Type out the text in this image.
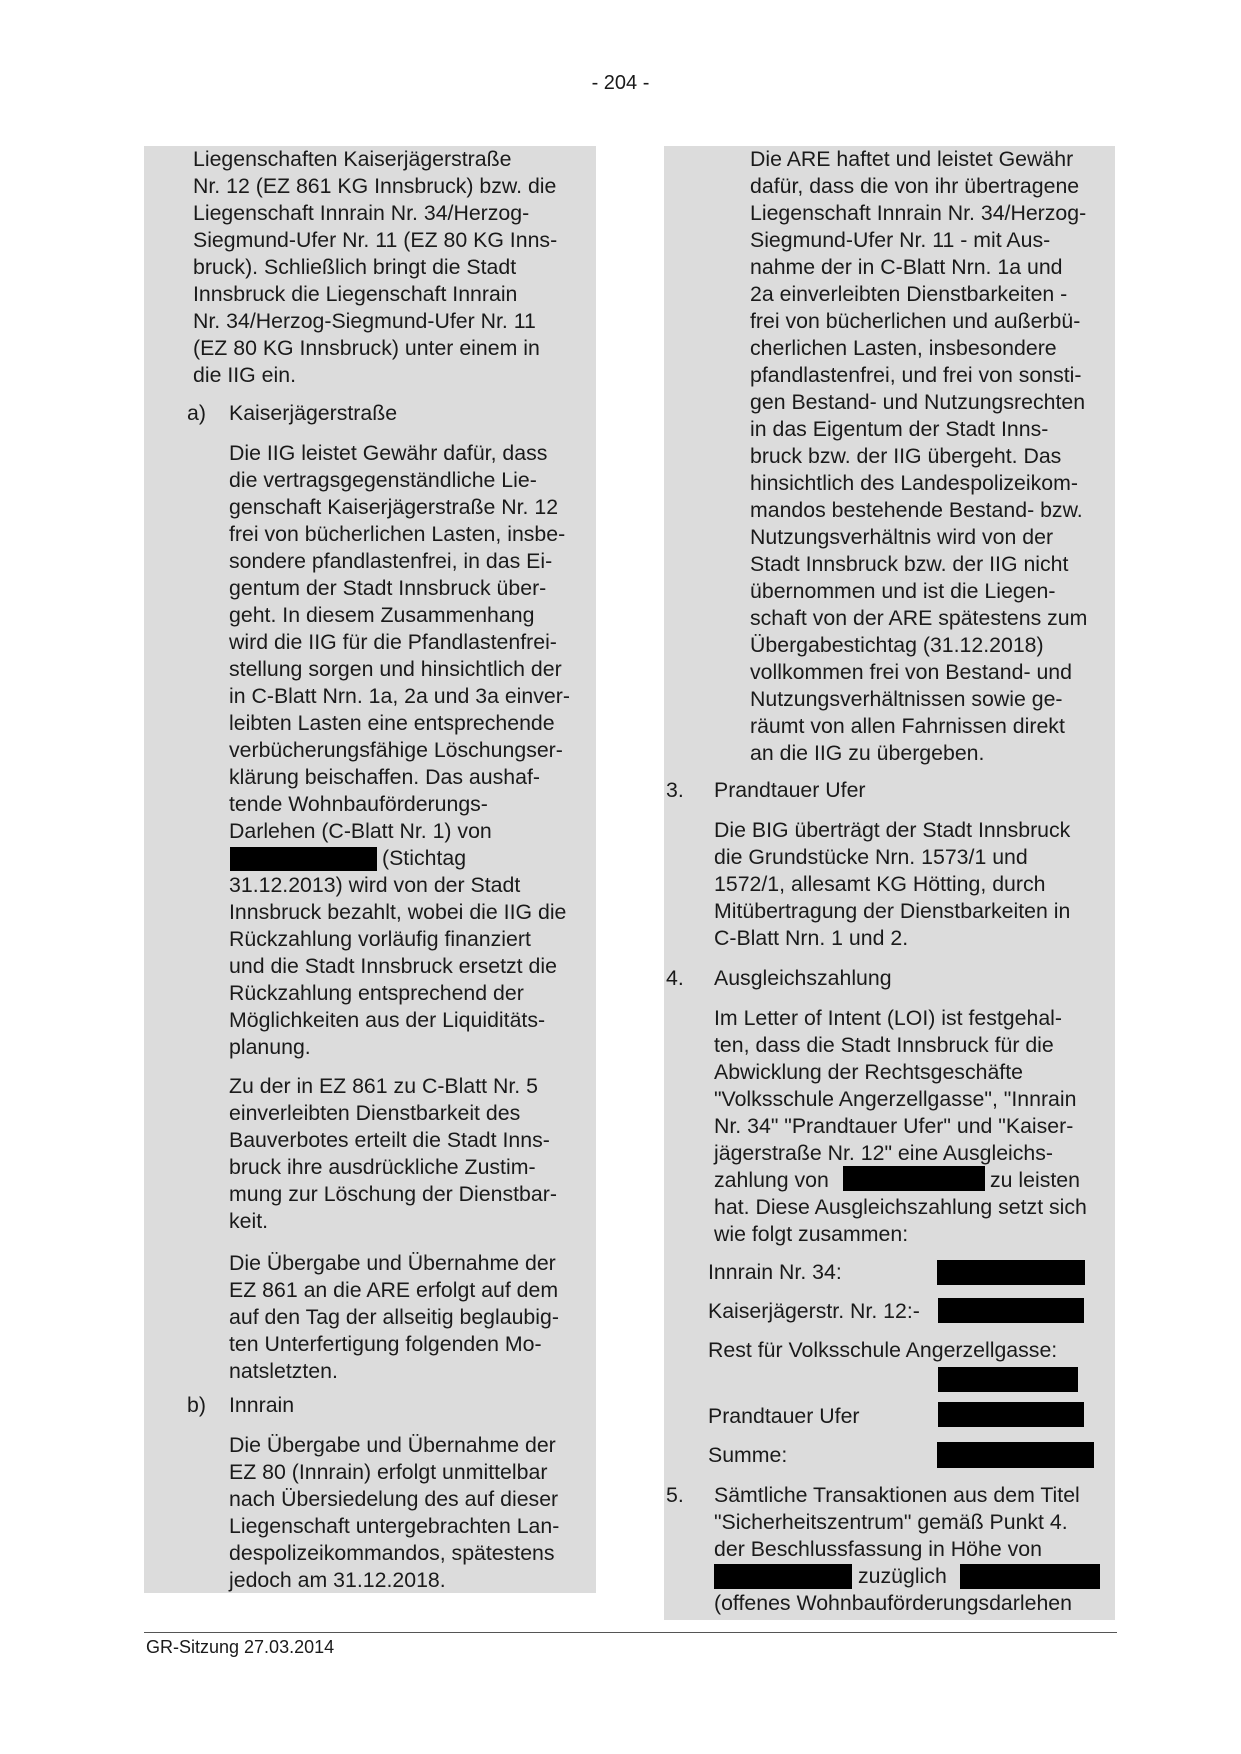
- 204 -
Liegenschaften Kaiserjägerstraße
Nr. 12 (EZ 861 KG Innsbruck) bzw. die
Liegenschaft Innrain Nr. 34/Herzog-
Siegmund-Ufer Nr. 11 (EZ 80 KG Inns-
bruck). Schließlich bringt die Stadt
Innsbruck die Liegenschaft Innrain
Nr. 34/Herzog-Siegmund-Ufer Nr. 11
(EZ 80 KG Innsbruck) unter einem in
die IIG ein.
a) Kaiserjägerstraße
Die IIG leistet Gewähr dafür, dass
die vertragsgegenständliche Lie-
genschaft Kaiserjägerstraße Nr. 12
frei von bücherlichen Lasten, insbe-
sondere pfandlastenfrei, in das Ei-
gentum der Stadt Innsbruck über-
geht. In diesem Zusammenhang
wird die IIG für die Pfandlastenfrei-
stellung sorgen und hinsichtlich der
in C-Blatt Nrn. 1a, 2a und 3a einver-
leibten Lasten eine entsprechende
verbücherungsfähige Löschungser-
klärung beischaffen. Das aushaf-
tende Wohnbauförderungs-
Darlehen (C-Blatt Nr. 1) von
(Stichtag
31.12.2013) wird von der Stadt
Innsbruck bezahlt, wobei die IIG die
Rückzahlung vorläufig finanziert
und die Stadt Innsbruck ersetzt die
Rückzahlung entsprechend der
Möglichkeiten aus der Liquiditäts-
planung.
Zu der in EZ 861 zu C-Blatt Nr. 5
einverleibten Dienstbarkeit des
Bauverbotes erteilt die Stadt Inns-
bruck ihre ausdrückliche Zustim-
mung zur Löschung der Dienstbar-
keit.
Die Übergabe und Übernahme der
EZ 861 an die ARE erfolgt auf dem
auf den Tag der allseitig beglaubig-
ten Unterfertigung folgenden Mo-
natsletzten.
b) Innrain
Die Übergabe und Übernahme der
EZ 80 (Innrain) erfolgt unmittelbar
nach Übersiedelung des auf dieser
Liegenschaft untergebrachten Lan-
despolizeikommandos, spätestens
jedoch am 31.12.2018.
Die ARE haftet und leistet Gewähr
dafür, dass die von ihr übertragene
Liegenschaft Innrain Nr. 34/Herzog-
Siegmund-Ufer Nr. 11 - mit Aus-
nahme der in C-Blatt Nrn. 1a und
2a einverleibten Dienstbarkeiten -
frei von bücherlichen und außerbü-
cherlichen Lasten, insbesondere
pfandlastenfrei, und frei von sonsti-
gen Bestand- und Nutzungsrechten
in das Eigentum der Stadt Inns-
bruck bzw. der IIG übergeht. Das
hinsichtlich des Landespolizeikom-
mandos bestehende Bestand- bzw.
Nutzungsverhältnis wird von der
Stadt Innsbruck bzw. der IIG nicht
übernommen und ist die Liegen-
schaft von der ARE spätestens zum
Übergabestichtag (31.12.2018)
vollkommen frei von Bestand- und
Nutzungsverhältnissen sowie ge-
räumt von allen Fahrnissen direkt
an die IIG zu übergeben.
3. Prandtauer Ufer
Die BIG überträgt der Stadt Innsbruck
die Grundstücke Nrn. 1573/1 und
1572/1, allesamt KG Hötting, durch
Mitübertragung der Dienstbarkeiten in
C-Blatt Nrn. 1 und 2.
4. Ausgleichszahlung
Im Letter of Intent (LOI) ist festgehal-
ten, dass die Stadt Innsbruck für die
Abwicklung der Rechtsgeschäfte
"Volksschule Angerzellgasse", "Innrain
Nr. 34" "Prandtauer Ufer" und "Kaiser-
jägerstraße Nr. 12" eine Ausgleichs-
zahlung von	zu leisten
hat. Diese Ausgleichszahlung setzt sich
wie folgt zusammen:
Innrain Nr. 34:
Kaiserjägerstr. Nr. 12:-
Rest für Volksschule Angerzellgasse:
Prandtauer Ufer
Summe:
5. Sämtliche Transaktionen aus dem Titel
"Sicherheitszentrum" gemäß Punkt 4.
der Beschlussfassung in Höhe von
zuzüglich
(offenes Wohnbauförderungsdarlehen
GR-Sitzung 27.03.2014
